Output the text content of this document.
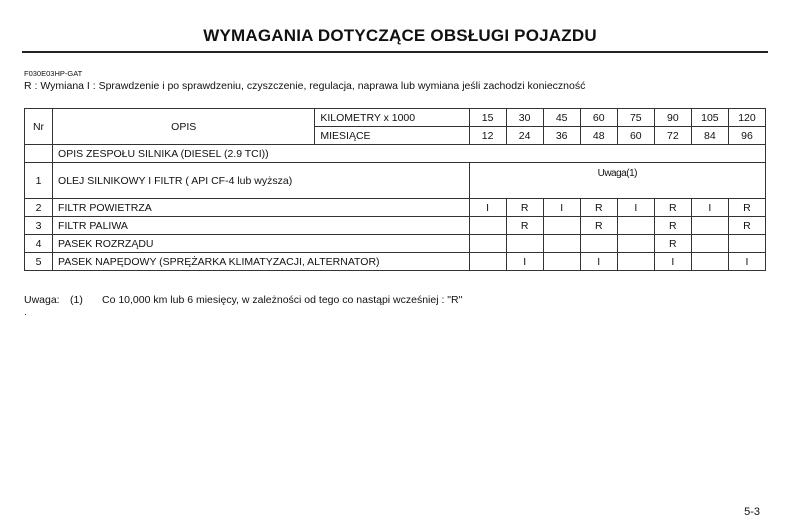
WYMAGANIA DOTYCZĄCE OBSŁUGI POJAZDU
F030E03HP-GAT
R : Wymiana I : Sprawdzenie i po sprawdzeniu, czyszczenie, regulacja, naprawa lub wymiana jeśli zachodzi konieczność
Nr	OPIS	KILOMETRY x 1000	15	30	45	60	75	90	105	120
		MIESIĄCE	12	24	36	48	60	72	84	96
	OPIS ZESPOŁU SILNIKA (DIESEL (2.9 TCI))									
1	OLEJ SILNIKOWY I FILTR ( API CF-4 lub wyższa)		Uwaga(1)							
2	FILTR POWIETRZA		I	R	I	R	I	R	I	R
3	FILTR PALIWA			R		R		R		R
4	PASEK ROZRZĄDU							R		
5	PASEK NAPĘDOWY (SPRĘŻARKA KLIMATYZACJI, ALTERNATOR)			I		I		I		I
Uwaga: (1) Co 10,000 km lub 6 miesięcy, w zależności od tego co nastąpi wcześniej : "R"
·
5-3
